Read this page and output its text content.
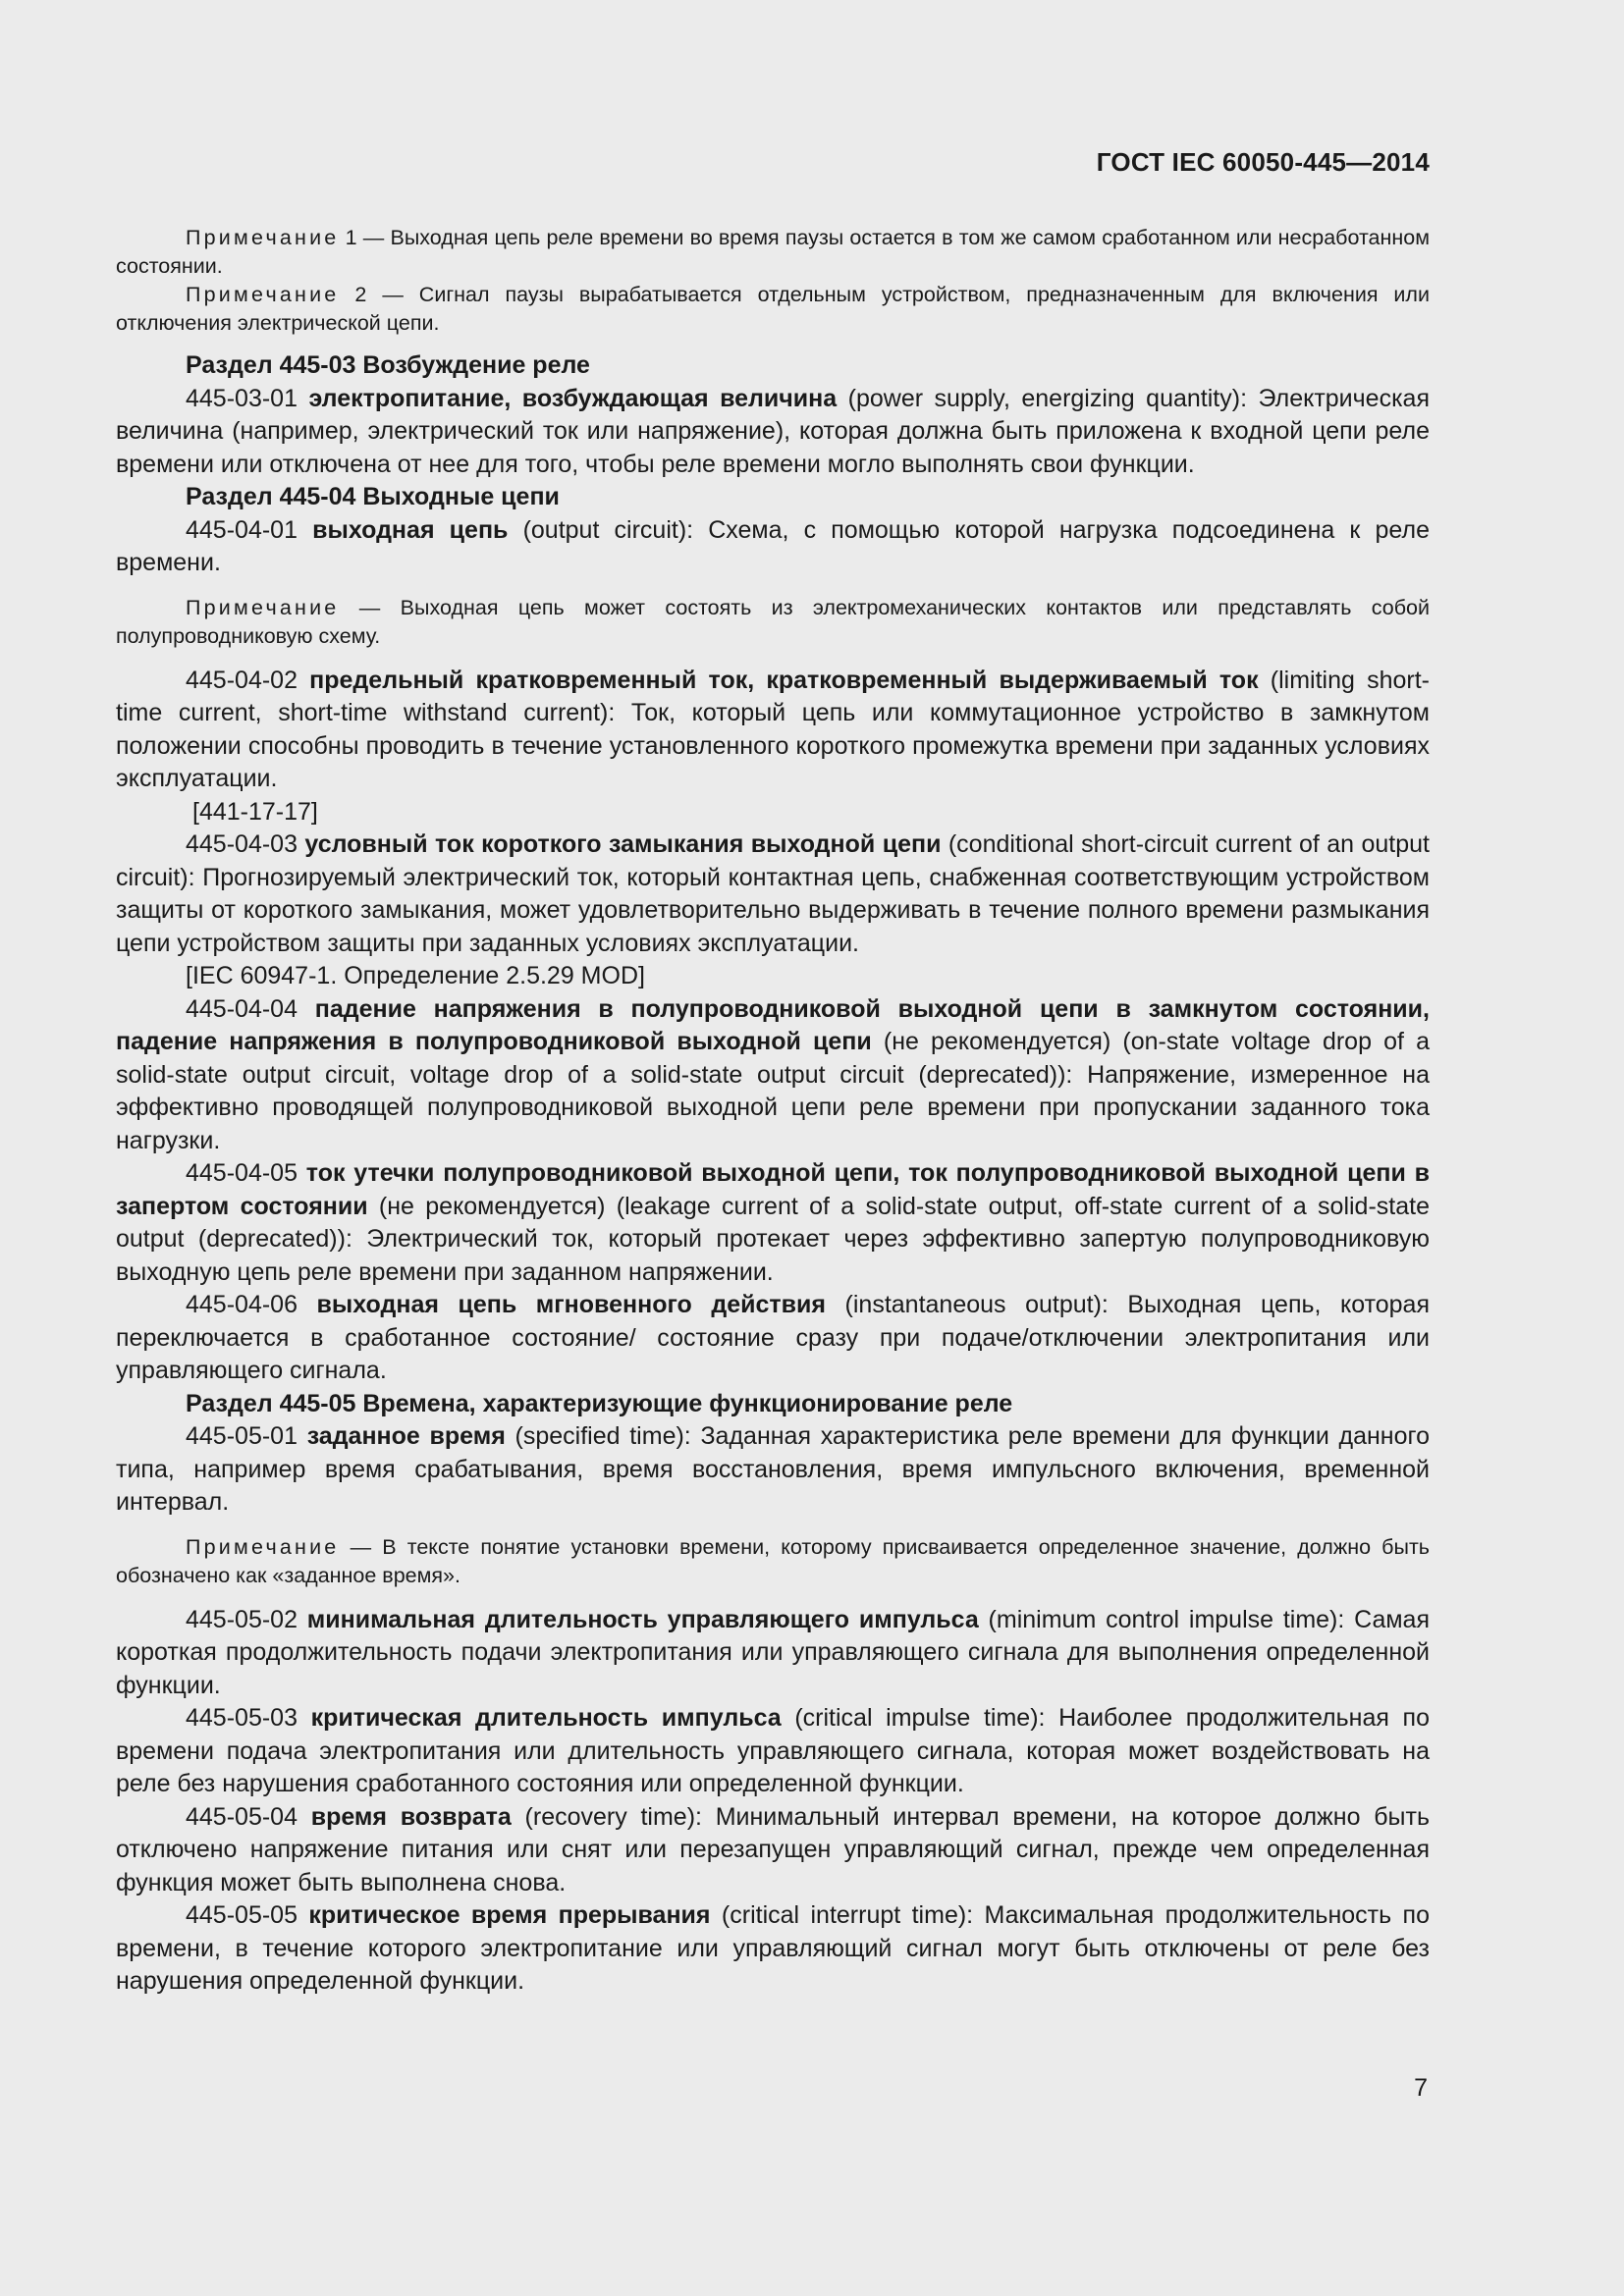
ГОСТ IEC 60050-445—2014

Примечание 1 — Выходная цепь реле времени во время паузы остается в том же самом сработанном или несработанном состоянии.

Примечание 2 — Сигнал паузы вырабатывается отдельным устройством, предназначенным для включения или отключения электрической цепи.

Раздел 445-03 Возбуждение реле

445-03-01 электропитание, возбуждающая величина (power supply, energizing quantity): Электрическая величина (например, электрический ток или напряжение), которая должна быть приложена к входной цепи реле времени или отключена от нее для того, чтобы реле времени могло выполнять свои функции.

Раздел 445-04 Выходные цепи

445-04-01 выходная цепь (output circuit): Схема, с помощью которой нагрузка подсоединена к реле времени.

Примечание — Выходная цепь может состоять из электромеханических контактов или представлять собой полупроводниковую схему.

445-04-02 предельный кратковременный ток, кратковременный выдерживаемый ток (limiting short-time current, short-time withstand current): Ток, который цепь или коммутационное устройство в замкнутом положении способны проводить в течение установленного короткого промежутка времени при заданных условиях эксплуатации.

[441-17-17]

445-04-03 условный ток короткого замыкания выходной цепи (conditional short-circuit current of an output circuit): Прогнозируемый электрический ток, который контактная цепь, снабженная соответствующим устройством защиты от короткого замыкания, может удовлетворительно выдерживать в течение полного времени размыкания цепи устройством защиты при заданных условиях эксплуатации.

[IEC 60947-1. Определение 2.5.29 MOD]

445-04-04 падение напряжения в полупроводниковой выходной цепи в замкнутом состоянии, падение напряжения в полупроводниковой выходной цепи (не рекомендуется) (on-state voltage drop of a solid-state output circuit, voltage drop of a solid-state output circuit (deprecated)): Напряжение, измеренное на эффективно проводящей полупроводниковой выходной цепи реле времени при пропускании заданного тока нагрузки.

445-04-05 ток утечки полупроводниковой выходной цепи, ток полупроводниковой выходной цепи в запертом состоянии (не рекомендуется) (leakage current of a solid-state output, off-state current of a solid-state output (deprecated)): Электрический ток, который протекает через эффективно запертую полупроводниковую выходную цепь реле времени при заданном напряжении.

445-04-06 выходная цепь мгновенного действия (instantaneous output): Выходная цепь, которая переключается в сработанное состояние/ состояние сразу при подаче/отключении электропитания или управляющего сигнала.

Раздел 445-05 Времена, характеризующие функционирование реле

445-05-01 заданное время (specified time): Заданная характеристика реле времени для функции данного типа, например время срабатывания, время восстановления, время импульсного включения, временной интервал.

Примечание — В тексте понятие установки времени, которому присваивается определенное значение, должно быть обозначено как «заданное время».

445-05-02 минимальная длительность управляющего импульса (minimum control impulse time): Самая короткая продолжительность подачи электропитания или управляющего сигнала для выполнения определенной функции.

445-05-03 критическая длительность импульса (critical impulse time): Наиболее продолжительная по времени подача электропитания или длительность управляющего сигнала, которая может воздействовать на реле без нарушения сработанного состояния или определенной функции.

445-05-04 время возврата (recovery time): Минимальный интервал времени, на которое должно быть отключено напряжение питания или снят или перезапущен управляющий сигнал, прежде чем определенная функция может быть выполнена снова.

445-05-05 критическое время прерывания (critical interrupt time): Максимальная продолжительность по времени, в течение которого электропитание или управляющий сигнал могут быть отключены от реле без нарушения определенной функции.

7
